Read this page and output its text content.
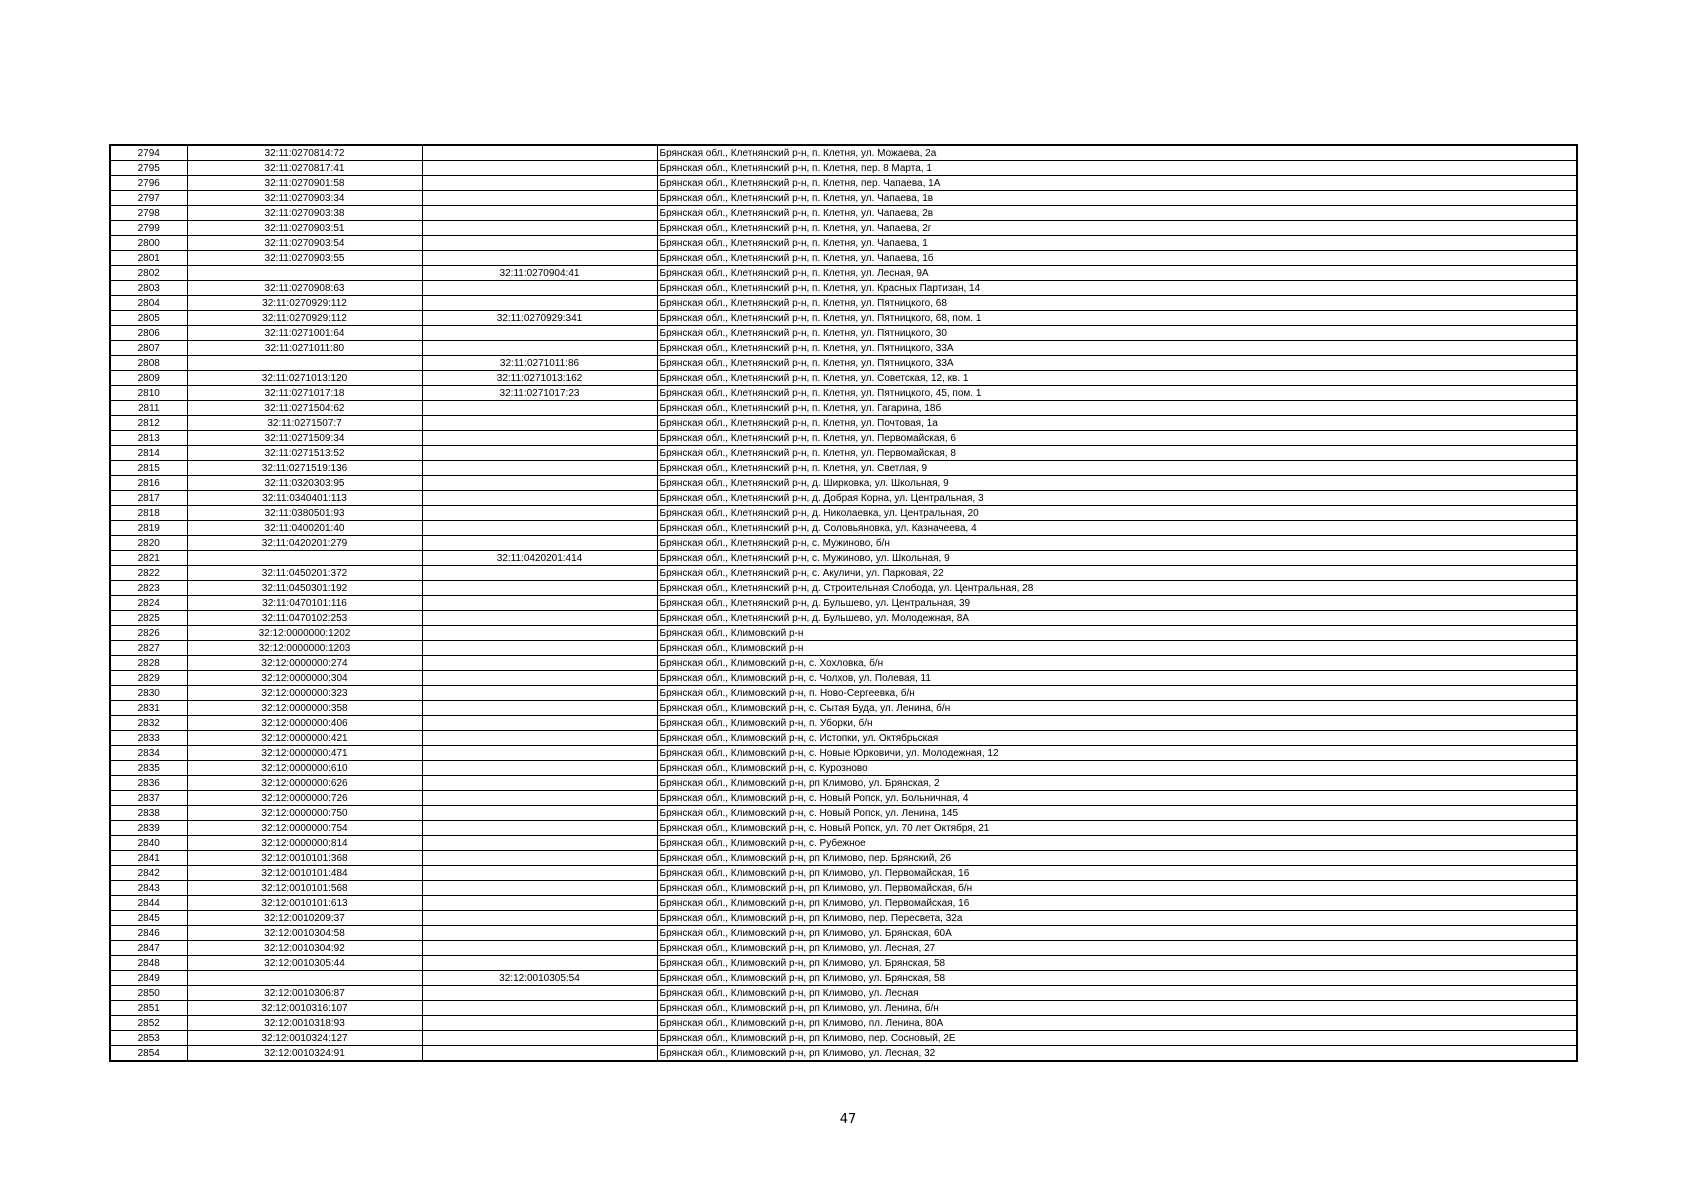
2794	32:11:0270814:72		Брянская обл., Клетнянский р-н, п. Клетня, ул. Можаева, 2а
2795	32:11:0270817:41		Брянская обл., Клетнянский р-н, п. Клетня, пер. 8 Марта, 1
2796	32:11:0270901:58		Брянская обл., Клетнянский р-н, п. Клетня, пер. Чапаева, 1А
2797	32:11:0270903:34		Брянская обл., Клетнянский р-н, п. Клетня, ул. Чапаева, 1в
2798	32:11:0270903:38		Брянская обл., Клетнянский р-н, п. Клетня, ул. Чапаева, 2в
2799	32:11:0270903:51		Брянская обл., Клетнянский р-н, п. Клетня, ул. Чапаева, 2г
2800	32:11:0270903:54		Брянская обл., Клетнянский р-н, п. Клетня, ул. Чапаева, 1
2801	32:11:0270903:55		Брянская обл., Клетнянский р-н, п. Клетня, ул. Чапаева, 1б
2802		32:11:0270904:41	Брянская обл., Клетнянский р-н, п. Клетня, ул. Лесная, 9А
2803	32:11:0270908:63		Брянская обл., Клетнянский р-н, п. Клетня, ул. Красных Партизан, 14
2804	32:11:0270929:112		Брянская обл., Клетнянский р-н, п. Клетня, ул. Пятницкого, 68
2805	32:11:0270929:112	32:11:0270929:341	Брянская обл., Клетнянский р-н, п. Клетня, ул. Пятницкого, 68, пом. 1
2806	32:11:0271001:64		Брянская обл., Клетнянский р-н, п. Клетня, ул. Пятницкого, 30
2807	32:11:0271011:80		Брянская обл., Клетнянский р-н, п. Клетня, ул. Пятницкого, 33А
2808		32:11:0271011:86	Брянская обл., Клетнянский р-н, п. Клетня, ул. Пятницкого, 33А
2809	32:11:0271013:120	32:11:0271013:162	Брянская обл., Клетнянский р-н, п. Клетня, ул. Советская, 12, кв. 1
2810	32:11:0271017:18	32:11:0271017:23	Брянская обл., Клетнянский р-н, п. Клетня, ул. Пятницкого, 45, пом. 1
2811	32:11:0271504:62		Брянская обл., Клетнянский р-н, п. Клетня, ул. Гагарина, 18б
2812	32:11:0271507:7		Брянская обл., Клетнянский р-н, п. Клетня, ул. Почтовая, 1а
2813	32:11:0271509:34		Брянская обл., Клетнянский р-н, п. Клетня, ул. Первомайская, 6
2814	32:11:0271513:52		Брянская обл., Клетнянский р-н, п. Клетня, ул. Первомайская, 8
2815	32:11:0271519:136		Брянская обл., Клетнянский р-н, п. Клетня, ул. Светлая, 9
2816	32:11:0320303:95		Брянская обл., Клетнянский р-н, д. Ширковка, ул. Школьная, 9
2817	32:11:0340401:113		Брянская обл., Клетнянский р-н, д. Добрая Корна, ул. Центральная, 3
2818	32:11:0380501:93		Брянская обл., Клетнянский р-н, д. Николаевка, ул. Центральная, 20
2819	32:11:0400201:40		Брянская обл., Клетнянский р-н, д. Соловьяновка, ул. Казначеева, 4
2820	32:11:0420201:279		Брянская обл., Клетнянский р-н, с. Мужиново, б/н
2821		32:11:0420201:414	Брянская обл., Клетнянский р-н, с. Мужиново, ул. Школьная, 9
2822	32:11:0450201:372		Брянская обл., Клетнянский р-н, с. Акуличи, ул. Парковая, 22
2823	32:11:0450301:192		Брянская обл., Клетнянский р-н, д. Строительная Слобода, ул. Центральная, 28
2824	32:11:0470101:116		Брянская обл., Клетнянский р-н, д. Бульшево, ул. Центральная, 39
2825	32:11:0470102:253		Брянская обл., Клетнянский р-н, д. Бульшево, ул. Молодежная, 8А
2826	32:12:0000000:1202		Брянская обл., Климовский р-н
2827	32:12:0000000:1203		Брянская обл., Климовский р-н
2828	32:12:0000000:274		Брянская обл., Климовский р-н, с. Хохловка, б/н
2829	32:12:0000000:304		Брянская обл., Климовский р-н, с. Чолхов, ул. Полевая, 11
2830	32:12:0000000:323		Брянская обл., Климовский р-н, п. Ново-Сергеевка, б/н
2831	32:12:0000000:358		Брянская обл., Климовский р-н, с. Сытая Буда, ул. Ленина, б/н
2832	32:12:0000000:406		Брянская обл., Климовский р-н, п. Уборки, б/н
2833	32:12:0000000:421		Брянская обл., Климовский р-н, с. Истопки, ул. Октябрьская
2834	32:12:0000000:471		Брянская обл., Климовский р-н, с. Новые Юрковичи, ул. Молодежная, 12
2835	32:12:0000000:610		Брянская обл., Климовский р-н, с. Курозново
2836	32:12:0000000:626		Брянская обл., Климовский р-н, рп Климово, ул. Брянская, 2
2837	32:12:0000000:726		Брянская обл., Климовский р-н, с. Новый Ропск, ул. Больничная, 4
2838	32:12:0000000:750		Брянская обл., Климовский р-н, с. Новый Ропск, ул. Ленина, 145
2839	32:12:0000000:754		Брянская обл., Климовский р-н, с. Новый Ропск, ул. 70 лет Октября, 21
2840	32:12:0000000:814		Брянская обл., Климовский р-н, с. Рубежное
2841	32:12:0010101:368		Брянская обл., Климовский р-н, рп Климово, пер. Брянский, 26
2842	32:12:0010101:484		Брянская обл., Климовский р-н, рп Климово, ул. Первомайская, 16
2843	32:12:0010101:568		Брянская обл., Климовский р-н, рп Климово, ул. Первомайская, б/н
2844	32:12:0010101:613		Брянская обл., Климовский р-н, рп Климово, ул. Первомайская, 16
2845	32:12:0010209:37		Брянская обл., Климовский р-н, рп Климово, пер. Пересвета, 32а
2846	32:12:0010304:58		Брянская обл., Климовский р-н, рп Климово, ул. Брянская, 60А
2847	32:12:0010304:92		Брянская обл., Климовский р-н, рп Климово, ул. Лесная, 27
2848	32:12:0010305:44		Брянская обл., Климовский р-н, рп Климово, ул. Брянская, 58
2849		32:12:0010305:54	Брянская обл., Климовский р-н, рп Климово, ул. Брянская, 58
2850	32:12:0010306:87		Брянская обл., Климовский р-н, рп Климово, ул. Лесная
2851	32:12:0010316:107		Брянская обл., Климовский р-н, рп Климово, ул. Ленина, б/н
2852	32:12:0010318:93		Брянская обл., Климовский р-н, рп Климово, пл. Ленина, 80А
2853	32:12:0010324:127		Брянская обл., Климовский р-н, рп Климово, пер. Сосновый, 2Е
2854	32:12:0010324:91		Брянская обл., Климовский р-н, рп Климово, ул. Лесная, 32
47
